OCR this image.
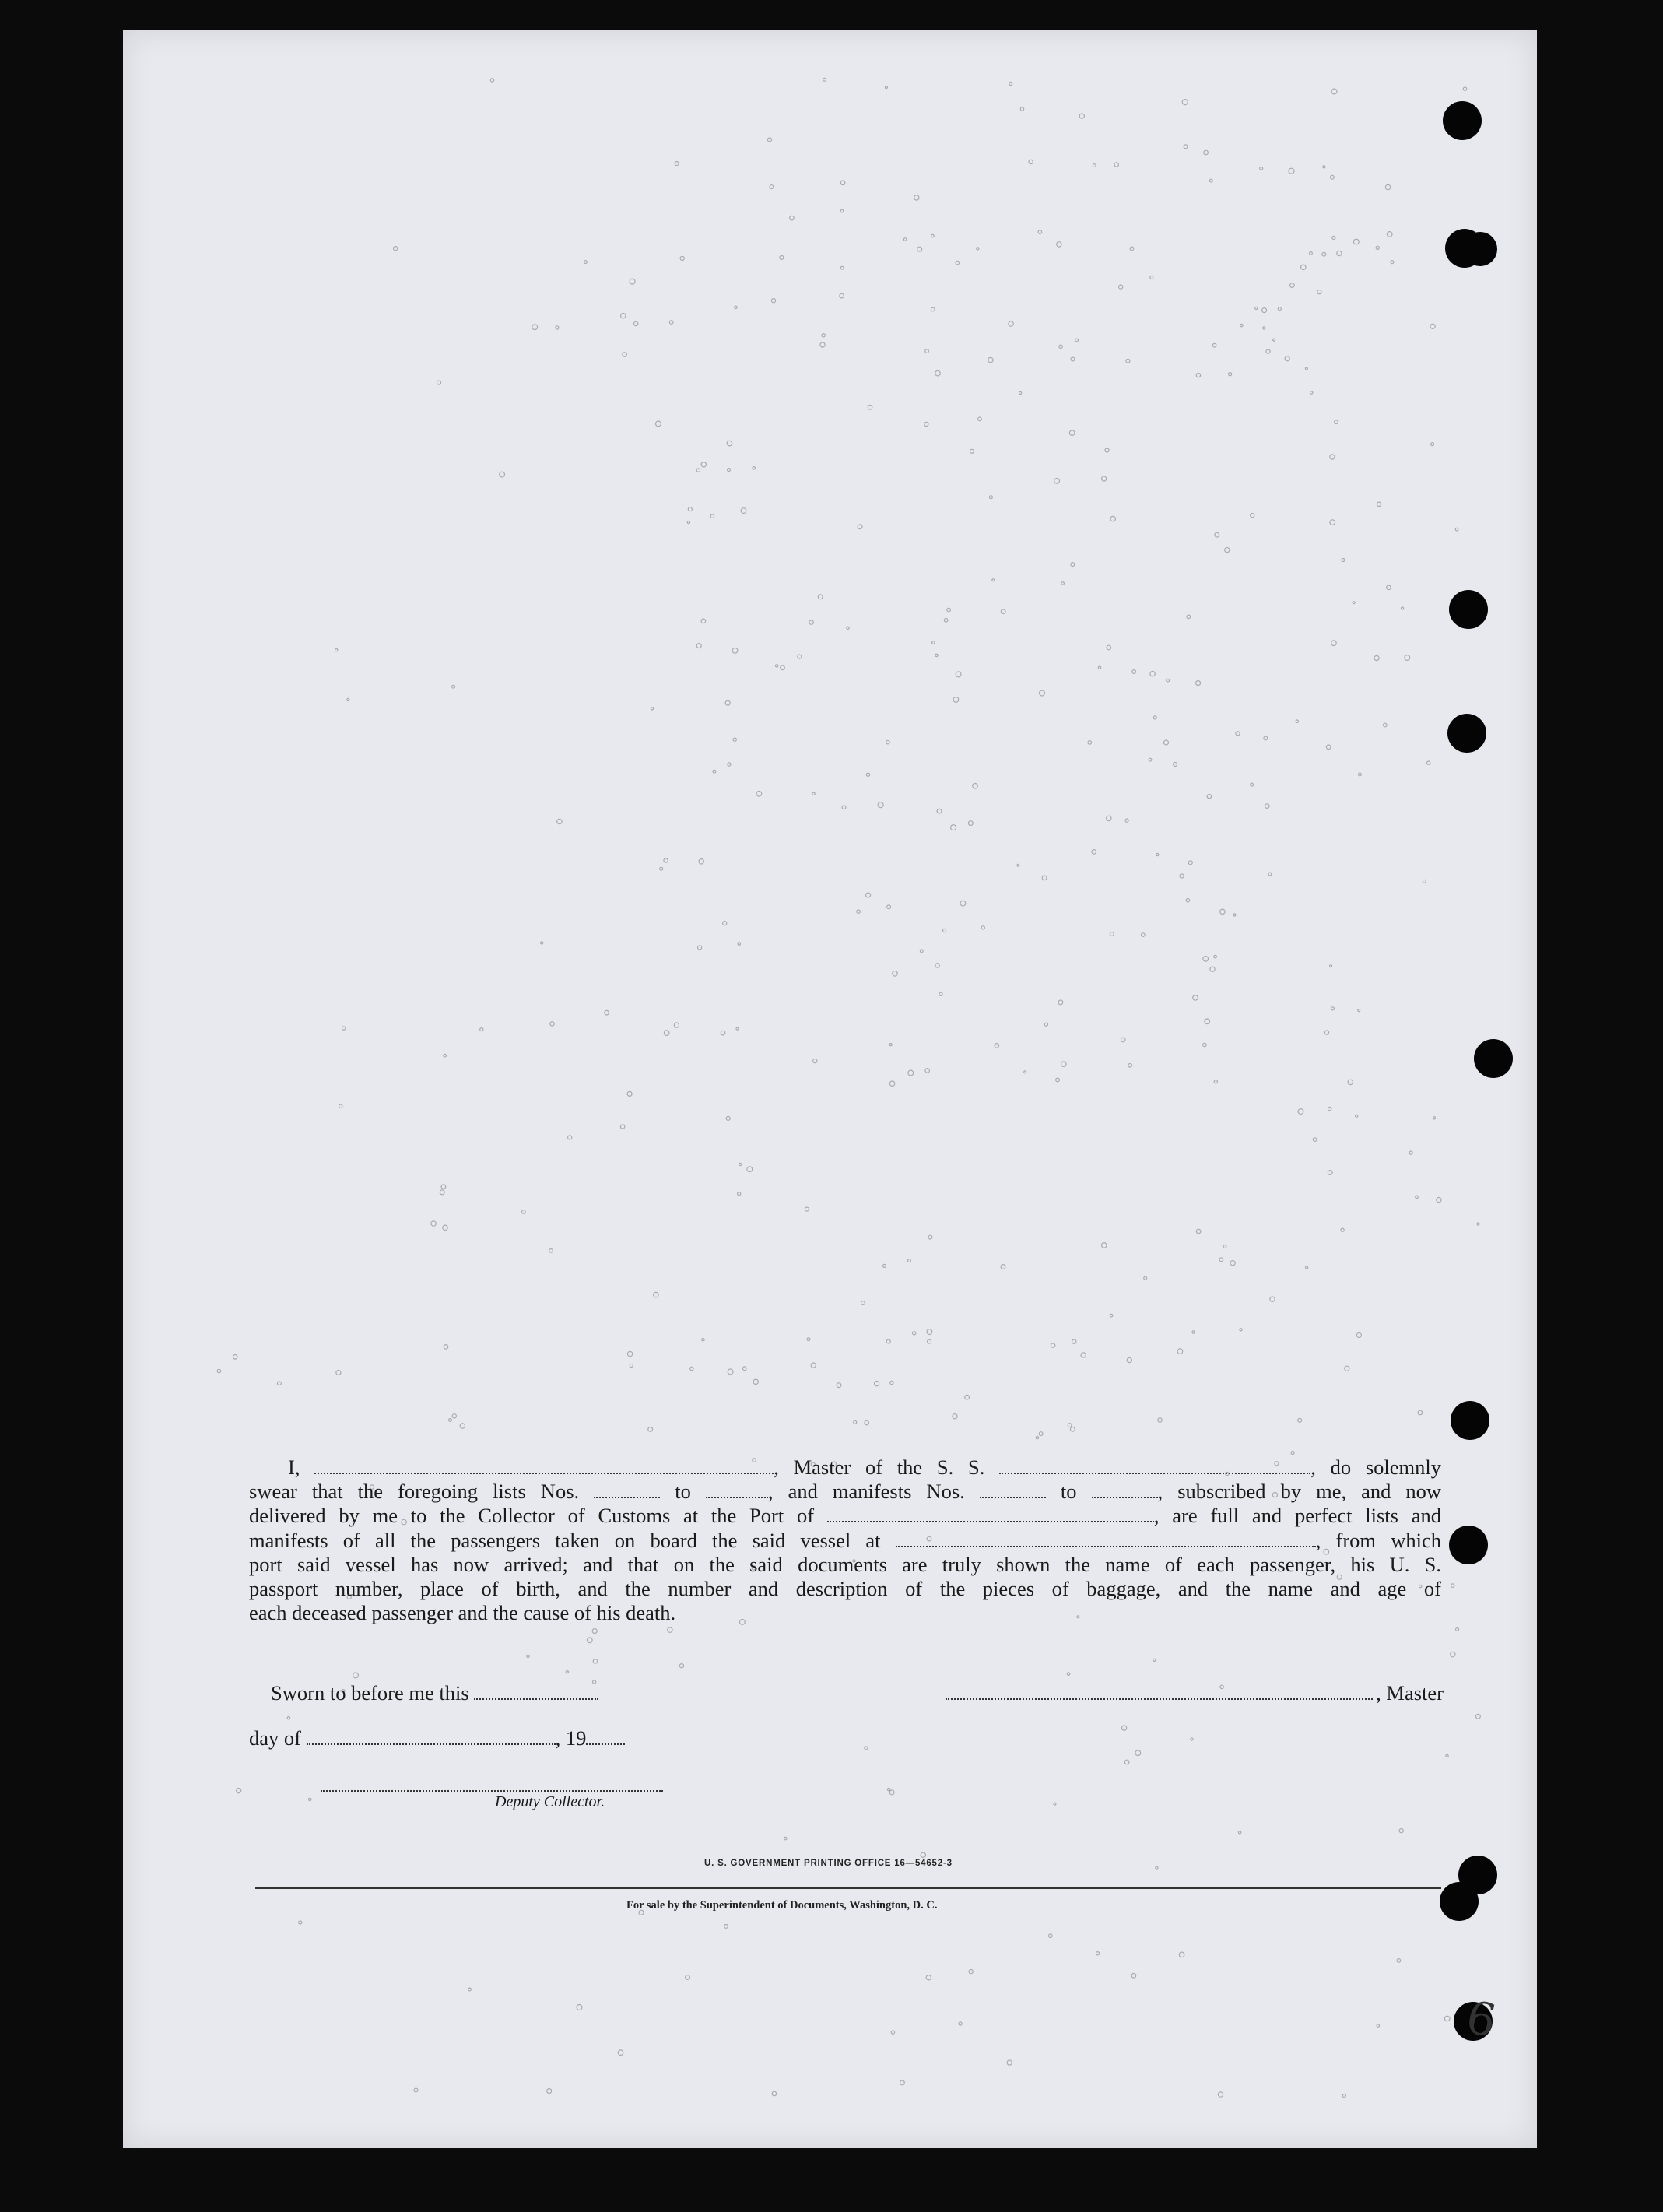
I,	, Master of the S. S.	, do solemnly
swear that the foregoing lists Nos.	to	, and manifests Nos.	to	, subscribed by me, and now
delivered by me to the Collector of Customs at the Port of	, are full and perfect lists and
manifests of all the passengers taken on board the said vessel at	, from which
port said vessel has now arrived; and that on the said documents are truly shown the name of each passenger, his U. S.
passport number, place of birth, and the number and description of the pieces of baggage, and the name and age of
each deceased passenger and the cause of his death.
Sworn to before me this	, Master
day of	, 19
Deputy Collector.
U. S. GOVERNMENT PRINTING OFFICE 16—54652-3
For sale by the Superintendent of Documents, Washington, D. C.
6
